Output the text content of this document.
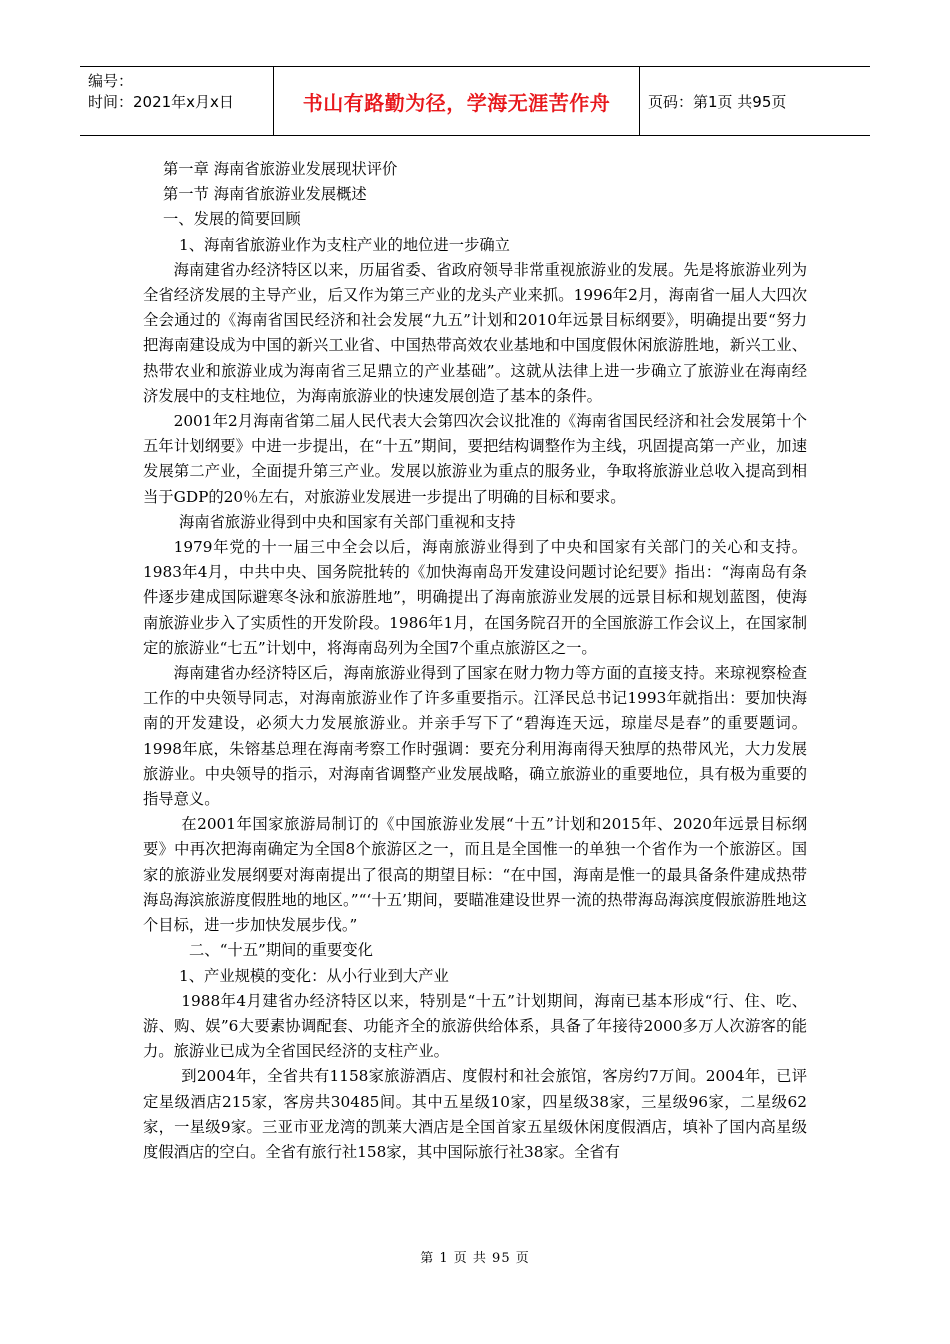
编号：
时间：2021年x月x日	书山有路勤为径，学海无涯苦作舟	页码：第1页 共95页
第一章 海南省旅游业发展现状评价
第一节 海南省旅游业发展概述
一、发展的简要回顾
1、海南省旅游业作为支柱产业的地位进一步确立

海南建省办经济特区以来，历届省委、省政府领导非常重视旅游业的发展。先是将旅游业列为全省经济发展的主导产业，后又作为第三产业的龙头产业来抓。1996年2月，海南省一届人大四次全会通过的《海南省国民经济和社会发展“九五”计划和2010年远景目标纲要》，明确提出要“努力把海南建设成为中国的新兴工业省、中国热带高效农业基地和中国度假休闲旅游胜地，新兴工业、热带农业和旅游业成为海南省三足鼎立的产业基础”。这就从法律上进一步确立了旅游业在海南经济发展中的支柱地位，为海南旅游业的快速发展创造了基本的条件。

2001年2月海南省第二届人民代表大会第四次会议批准的《海南省国民经济和社会发展第十个五年计划纲要》中进一步提出，在“十五”期间，要把结构调整作为主线，巩固提高第一产业，加速发展第二产业，全面提升第三产业。发展以旅游业为重点的服务业，争取将旅游业总收入提高到相当于GDP的20％左右，对旅游业发展进一步提出了明确的目标和要求。

海南省旅游业得到中央和国家有关部门重视和支持

1979年党的十一届三中全会以后，海南旅游业得到了中央和国家有关部门的关心和支持。1983年4月，中共中央、国务院批转的《加快海南岛开发建设问题讨论纪要》指出：“海南岛有条件逐步建成国际避寒冬泳和旅游胜地”，明确提出了海南旅游业发展的远景目标和规划蓝图，使海南旅游业步入了实质性的开发阶段。1986年1月，在国务院召开的全国旅游工作会议上，在国家制定的旅游业“七五”计划中，将海南岛列为全国7个重点旅游区之一。

海南建省办经济特区后，海南旅游业得到了国家在财力物力等方面的直接支持。来琼视察检查工作的中央领导同志，对海南旅游业作了许多重要指示。江泽民总书记1993年就指出：要加快海南的开发建设，必须大力发展旅游业。并亲手写下了“碧海连天远，琼崖尽是春”的重要题词。1998年底，朱镕基总理在海南考察工作时强调：要充分利用海南得天独厚的热带风光，大力发展旅游业。中央领导的指示，对海南省调整产业发展战略，确立旅游业的重要地位，具有极为重要的指导意义。

在2001年国家旅游局制订的《中国旅游业发展“十五”计划和2015年、2020年远景目标纲要》中再次把海南确定为全国8个旅游区之一，而且是全国惟一的单独一个省作为一个旅游区。国家的旅游业发展纲要对海南提出了很高的期望目标：“在中国，海南是惟一的最具备条件建成热带海岛海滨旅游度假胜地的地区。”“‘十五’期间，要瞄准建设世界一流的热带海岛海滨度假旅游胜地这个目标，进一步加快发展步伐。”

二、“十五”期间的重要变化
1、产业规模的变化：从小行业到大产业

1988年4月建省办经济特区以来，特别是“十五”计划期间，海南已基本形成“行、住、吃、游、购、娱”6大要素协调配套、功能齐全的旅游供给体系，具备了年接待2000多万人次游客的能力。旅游业已成为全省国民经济的支柱产业。

到2004年，全省共有1158家旅游酒店、度假村和社会旅馆，客房约7万间。2004年，已评定星级酒店215家，客房共30485间。其中五星级10家，四星级38家，三星级96家，二星级62家，一星级9家。三亚市亚龙湾的凯莱大酒店是全国首家五星级休闲度假酒店，填补了国内高星级度假酒店的空白。全省有旅行社158家，其中国际旅行社38家。全省有

第 1 页 共 95 页
